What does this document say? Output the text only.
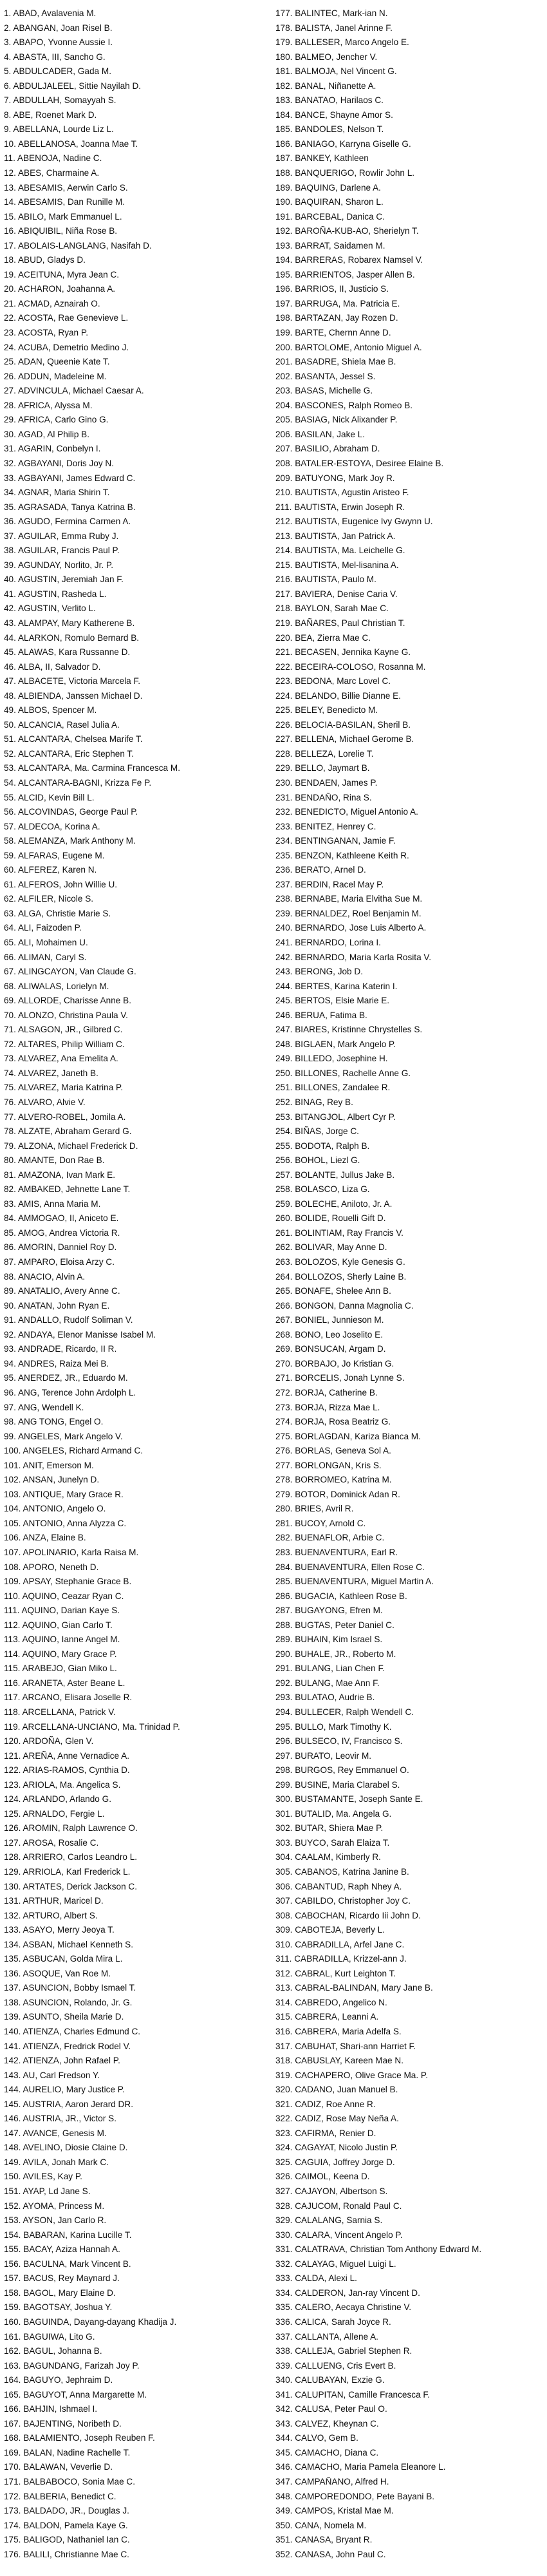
1. ABAD, Avalavenia M.
2. ABANGAN, Joan Risel B.
3. ABAPO, Yvonne Aussie I.
4. ABASTA, III, Sancho G.
5. ABDULCADER, Gada M.
6. ABDULJALEEL, Sittie Nayilah D.
7. ABDULLAH, Somayyah S.
8. ABE, Roenet Mark D.
9. ABELLANA, Lourde Liz L.
10. ABELLANOSA, Joanna Mae T.
11. ABENOJA, Nadine C.
12. ABES, Charmaine A.
13. ABESAMIS, Aerwin Carlo S.
14. ABESAMIS, Dan Runille M.
15. ABILO, Mark Emmanuel L.
16. ABIQUIBIL, Niña Rose B.
17. ABOLAIS-LANGLANG, Nasifah D.
18. ABUD, Gladys D.
19. ACEITUNA, Myra Jean C.
20. ACHARON, Joahanna A.
21. ACMAD, Aznairah O.
22. ACOSTA, Rae Genevieve L.
23. ACOSTA, Ryan P.
24. ACUBA, Demetrio Medino J.
25. ADAN, Queenie Kate T.
26. ADDUN, Madeleine M.
27. ADVINCULA, Michael Caesar A.
28. AFRICA, Alyssa M.
29. AFRICA, Carlo Gino G.
30. AGAD, Al Philip B.
31. AGARIN, Conbelyn I.
32. AGBAYANI, Doris Joy N.
33. AGBAYANI, James Edward C.
34. AGNAR, Maria Shirin T.
35. AGRASADA, Tanya Katrina B.
36. AGUDO, Fermina Carmen A.
37. AGUILAR, Emma Ruby J.
38. AGUILAR, Francis Paul P.
39. AGUNDAY, Norlito, Jr. P.
40. AGUSTIN, Jeremiah Jan F.
41. AGUSTIN, Rasheda L.
42. AGUSTIN, Verlito L.
43. ALAMPAY, Mary Katherene B.
44. ALARKON, Romulo Bernard B.
45. ALAWAS, Kara Russanne D.
46. ALBA, II, Salvador D.
47. ALBACETE, Victoria Marcela F.
48. ALBIENDA, Janssen Michael D.
49. ALBOS, Spencer M.
50. ALCANCIA, Rasel Julia A.
51. ALCANTARA, Chelsea Marife T.
52. ALCANTARA, Eric Stephen T.
53. ALCANTARA, Ma. Carmina Francesca M.
54. ALCANTARA-BAGNI, Krizza Fe P.
55. ALCID, Kevin Bill L.
56. ALCOVINDAS, George Paul P.
57. ALDECOA, Korina A.
58. ALEMANZA, Mark Anthony M.
59. ALFARAS, Eugene M.
60. ALFEREZ, Karen N.
61. ALFEROS, John Willie U.
62. ALFILER, Nicole S.
63. ALGA, Christie Marie S.
64. ALI, Faizoden P.
65. ALI, Mohaimen U.
66. ALIMAN, Caryl S.
67. ALINGCAYON, Van Claude G.
68. ALIWALAS, Lorielyn M.
69. ALLORDE, Charisse Anne B.
70. ALONZO, Christina Paula V.
71. ALSAGON, JR., Gilbred C.
72. ALTARES, Philip William C.
73. ALVAREZ, Ana Emelita A.
74. ALVAREZ, Janeth B.
75. ALVAREZ, Maria Katrina P.
76. ALVARO, Alvie V.
77. ALVERO-ROBEL, Jomila A.
78. ALZATE, Abraham Gerard G.
79. ALZONA, Michael Frederick D.
80. AMANTE, Don Rae B.
81. AMAZONA, Ivan Mark E.
82. AMBAKED, Jehnette Lane T.
83. AMIS, Anna Maria M.
84. AMMOGAO, II, Aniceto E.
85. AMOG, Andrea Victoria R.
86. AMORIN, Danniel Roy D.
87. AMPARO, Eloisa Arzy C.
88. ANACIO, Alvin A.
89. ANATALIO, Avery Anne C.
90. ANATAN, John Ryan E.
91. ANDALLO, Rudolf Soliman V.
92. ANDAYA, Elenor Manisse Isabel M.
93. ANDRADE, Ricardo, II R.
94. ANDRES, Raiza Mei B.
95. ANERDEZ, JR., Eduardo M.
96. ANG, Terence John Ardolph L.
97. ANG, Wendell K.
98. ANG TONG, Engel O.
99. ANGELES, Mark Angelo V.
100. ANGELES, Richard Armand C.
101. ANIT, Emerson M.
102. ANSAN, Junelyn D.
103. ANTIQUE, Mary Grace R.
104. ANTONIO, Angelo O.
105. ANTONIO, Anna Alyzza C.
106. ANZA, Elaine B.
107. APOLINARIO, Karla Raisa M.
108. APORO, Neneth D.
109. APSAY, Stephanie Grace B.
110. AQUINO, Ceazar Ryan C.
111. AQUINO, Darian Kaye S.
112. AQUINO, Gian Carlo T.
113. AQUINO, Ianne Angel M.
114. AQUINO, Mary Grace P.
115. ARABEJO, Gian Miko L.
116. ARANETA, Aster Beane L.
117. ARCANO, Elisara Joselle R.
118. ARCELLANA, Patrick V.
119. ARCELLANA-UNCIANO, Ma. Trinidad P.
120. ARDOÑA, Glen V.
121. AREÑA, Anne Vernadice A.
122. ARIAS-RAMOS, Cynthia D.
123. ARIOLA, Ma. Angelica S.
124. ARLANDO, Arlando G.
125. ARNALDO, Fergie L.
126. AROMIN, Ralph Lawrence O.
127. AROSA, Rosalie C.
128. ARRIERO, Carlos Leandro L.
129. ARRIOLA, Karl Frederick L.
130. ARTATES, Derick Jackson C.
131. ARTHUR, Maricel D.
132. ARTURO, Albert S.
133. ASAYO, Merry Jeoya T.
134. ASBAN, Michael Kenneth S.
135. ASBUCAN, Golda Mira L.
136. ASOQUE, Van Roe M.
137. ASUNCION, Bobby Ismael T.
138. ASUNCION, Rolando, Jr. G.
139. ASUNTO, Sheila Marie D.
140. ATIENZA, Charles Edmund C.
141. ATIENZA, Fredrick Rodel V.
142. ATIENZA, John Rafael P.
143. AU, Carl Fredson Y.
144. AURELIO, Mary Justice P.
145. AUSTRIA, Aaron Jerard DR.
146. AUSTRIA, JR., Victor S.
147. AVANCE, Genesis M.
148. AVELINO, Diosie Claine D.
149. AVILA, Jonah Mark C.
150. AVILES, Kay P.
151. AYAP, Ld Jane S.
152. AYOMA, Princess M.
153. AYSON, Jan Carlo R.
154. BABARAN, Karina Lucille T.
155. BACAY, Aziza Hannah A.
156. BACULNA, Mark Vincent B.
157. BACUS, Rey Maynard J.
158. BAGOL, Mary Elaine D.
159. BAGOTSAY, Joshua Y.
160. BAGUINDA, Dayang-dayang Khadija J.
161. BAGUIWA, Lito G.
162. BAGUL, Johanna B.
163. BAGUNDANG, Farizah Joy P.
164. BAGUYO, Jephraim D.
165. BAGUYOT, Anna Margarette M.
166. BAHJIN, Ishmael I.
167. BAJENTING, Noribeth D.
168. BALAMIENTO, Joseph Reuben F.
169. BALAN, Nadine Rachelle T.
170. BALAWAN, Veverlie D.
171. BALBABOCO, Sonia Mae C.
172. BALBERIA, Benedict C.
173. BALDADO, JR., Douglas J.
174. BALDON, Pamela Kaye G.
175. BALIGOD, Nathaniel Ian C.
176. BALILI, Christianne Mae C.
177. BALINTEC, Mark-ian N.
178. BALISTA, Janel Arinne F.
179. BALLESER, Marco Angelo E.
180. BALMEO, Jencher V.
181. BALMOJA, Nel Vincent G.
182. BANAL, Niñanette A.
183. BANATAO, Harilaos C.
184. BANCE, Shayne Amor S.
185. BANDOLES, Nelson T.
186. BANIAGO, Karryna Giselle G.
187. BANKEY, Kathleen
188. BANQUERIGO, Rowlir John L.
189. BAQUING, Darlene A.
190. BAQUIRAN, Sharon L.
191. BARCEBAL, Danica C.
192. BAROÑA-KUB-AO, Sherielyn T.
193. BARRAT, Saidamen M.
194. BARRERAS, Robarex Namsel V.
195. BARRIENTOS, Jasper Allen B.
196. BARRIOS, II, Justicio S.
197. BARRUGA, Ma. Patricia E.
198. BARTAZAN, Jay Rozen D.
199. BARTE, Chernn Anne D.
200. BARTOLOME, Antonio Miguel A.
201. BASADRE, Shiela Mae B.
202. BASANTA, Jessel S.
203. BASAS, Michelle G.
204. BASCONES, Ralph Romeo B.
205. BASIAG, Nick Alixander P.
206. BASILAN, Jake L.
207. BASILIO, Abraham D.
208. BATALER-ESTOYA, Desiree Elaine B.
209. BATUYONG, Mark Joy R.
210. BAUTISTA, Agustin Aristeo F.
211. BAUTISTA, Erwin Joseph R.
212. BAUTISTA, Eugenice Ivy Gwynn U.
213. BAUTISTA, Jan Patrick A.
214. BAUTISTA, Ma. Leichelle G.
215. BAUTISTA, Mel-lisanina A.
216. BAUTISTA, Paulo M.
217. BAVIERA, Denise Caria V.
218. BAYLON, Sarah Mae C.
219. BAÑARES, Paul Christian T.
220. BEA, Zierra Mae C.
221. BECASEN, Jennika Kayne G.
222. BECEIRA-COLOSO, Rosanna M.
223. BEDONA, Marc Lovel C.
224. BELANDO, Billie Dianne E.
225. BELEY, Benedicto M.
226. BELOCIA-BASILAN, Sheril B.
227. BELLENA, Michael Gerome B.
228. BELLEZA, Lorelie T.
229. BELLO, Jaymart B.
230. BENDAEN, James P.
231. BENDAÑO, Rina S.
232. BENEDICTO, Miguel Antonio A.
233. BENITEZ, Henrey C.
234. BENTINGANAN, Jamie F.
235. BENZON, Kathleene Keith R.
236. BERATO, Arnel D.
237. BERDIN, Racel May P.
238. BERNABE, Maria Elvitha Sue M.
239. BERNALDEZ, Roel Benjamin M.
240. BERNARDO, Jose Luis Alberto A.
241. BERNARDO, Lorina I.
242. BERNARDO, Maria Karla Rosita V.
243. BERONG, Job D.
244. BERTES, Karina Katerin I.
245. BERTOS, Elsie Marie E.
246. BERUA, Fatima B.
247. BIARES, Kristinne Chrystelles S.
248. BIGLAEN, Mark Angelo P.
249. BILLEDO, Josephine H.
250. BILLONES, Rachelle Anne G.
251. BILLONES, Zandalee R.
252. BINAG, Rey B.
253. BITANGJOL, Albert Cyr P.
254. BIÑAS, Jorge C.
255. BODOTA, Ralph B.
256. BOHOL, Liezl G.
257. BOLANTE, Jullus Jake B.
258. BOLASCO, Liza G.
259. BOLECHE, Aniloto, Jr. A.
260. BOLIDE, Rouelli Gift D.
261. BOLINTIAM, Ray Francis V.
262. BOLIVAR, May Anne D.
263. BOLOZOS, Kyle Genesis G.
264. BOLLOZOS, Sherly Laine B.
265. BONAFE, Shelee Ann B.
266. BONGON, Danna Magnolia C.
267. BONIEL, Junnieson M.
268. BONO, Leo Joselito E.
269. BONSUCAN, Argam D.
270. BORBAJO, Jo Kristian G.
271. BORCELIS, Jonah Lynne S.
272. BORJA, Catherine B.
273. BORJA, Rizza Mae L.
274. BORJA, Rosa Beatriz G.
275. BORLAGDAN, Kariza Bianca M.
276. BORLAS, Geneva Sol A.
277. BORLONGAN, Kris S.
278. BORROMEO, Katrina M.
279. BOTOR, Dominick Adan R.
280. BRIES, Avril R.
281. BUCOY, Arnold C.
282. BUENAFLOR, Arbie C.
283. BUENAVENTURA, Earl R.
284. BUENAVENTURA, Ellen Rose C.
285. BUENAVENTURA, Miguel Martin A.
286. BUGACIA, Kathleen Rose B.
287. BUGAYONG, Efren M.
288. BUGTAS, Peter Daniel C.
289. BUHAIN, Kim Israel S.
290. BUHALE, JR., Roberto M.
291. BULANG, Lian Chen F.
292. BULANG, Mae Ann F.
293. BULATAO, Audrie B.
294. BULLECER, Ralph Wendell C.
295. BULLO, Mark Timothy K.
296. BULSECO, IV, Francisco S.
297. BURATO, Leovir M.
298. BURGOS, Rey Emmanuel O.
299. BUSINE, Maria Clarabel S.
300. BUSTAMANTE, Joseph Sante E.
301. BUTALID, Ma. Angela G.
302. BUTAR, Shiera Mae P.
303. BUYCO, Sarah Elaiza T.
304. CAALAM, Kimberly R.
305. CABANOS, Katrina Janine B.
306. CABANTUD, Raph Nhey A.
307. CABILDO, Christopher Joy C.
308. CABOCHAN, Ricardo Iii John D.
309. CABOTEJA, Beverly L.
310. CABRADILLA, Arfel Jane C.
311. CABRADILLA, Krizzel-ann J.
312. CABRAL, Kurt Leighton T.
313. CABRAL-BALINDAN, Mary Jane B.
314. CABREDO, Angelico N.
315. CABRERA, Leanni A.
316. CABRERA, Maria Adelfa S.
317. CABUHAT, Shari-ann Harriet F.
318. CABUSLAY, Kareen Mae N.
319. CACHAPERO, Olive Grace Ma. P.
320. CADANO, Juan Manuel B.
321. CADIZ, Roe Anne R.
322. CADIZ, Rose May Neña A.
323. CAFIRMA, Renier D.
324. CAGAYAT, Nicolo Justin P.
325. CAGUIA, Joffrey Jorge D.
326. CAIMOL, Keena D.
327. CAJAYON, Albertson S.
328. CAJUCOM, Ronald Paul C.
329. CALALANG, Sarnia S.
330. CALARA, Vincent Angelo P.
331. CALATRAVA, Christian Tom Anthony Edward M.
332. CALAYAG, Miguel Luigi L.
333. CALDA, Alexi L.
334. CALDERON, Jan-ray Vincent D.
335. CALERO, Aecaya Christine V.
336. CALICA, Sarah Joyce R.
337. CALLANTA, Allene A.
338. CALLEJA, Gabriel Stephen R.
339. CALLUENG, Cris Evert B.
340. CALUBAYAN, Exzie G.
341. CALUPITAN, Camille Francesca F.
342. CALUSA, Peter Paul O.
343. CALVEZ, Kheynan C.
344. CALVO, Gem B.
345. CAMACHO, Diana C.
346. CAMACHO, Maria Pamela Eleanore L.
347. CAMPAÑANO, Alfred H.
348. CAMPOREDONDO, Pete Bayani B.
349. CAMPOS, Kristal Mae M.
350. CANA, Nomela M.
351. CANASA, Bryant R.
352. CANASA, John Paul C.
